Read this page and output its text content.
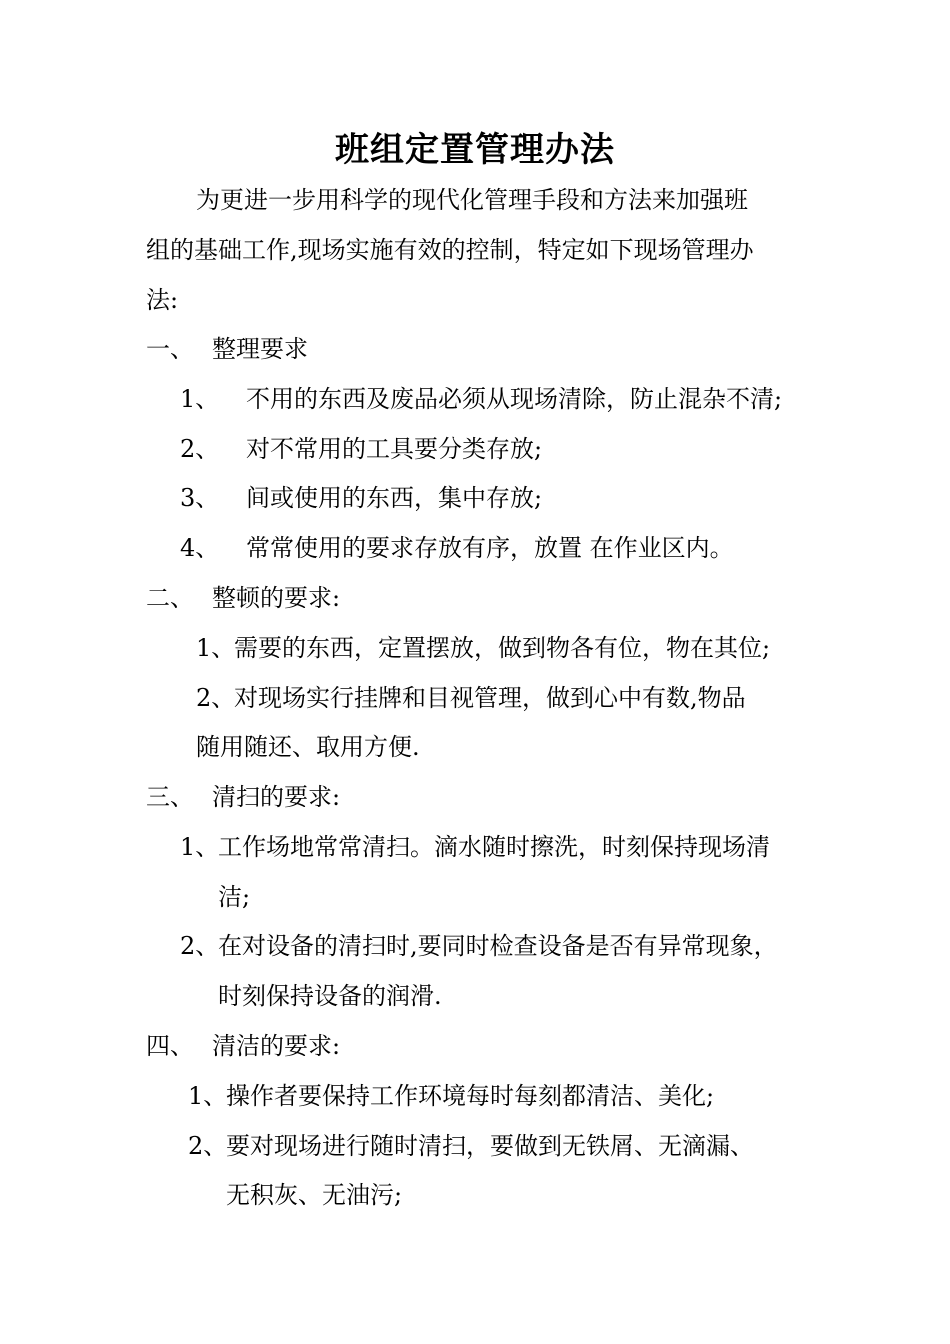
班组定置管理办法
为更进一步用科学的现代化管理手段和方法来加强班
组的基础工作,现场实施有效的控制，特定如下现场管理办
法:
一、 整理要求
1、 不用的东西及废品必须从现场清除，防止混杂不清;
2、 对不常用的工具要分类存放;
3、 间或使用的东西，集中存放;
4、 常常使用的要求存放有序，放置 在作业区内。
二、 整顿的要求:
1、
需要的东西，定置摆放，做到物各有位，物在其位;
2、
对现场实行挂牌和目视管理，做到心中有数,物品
随用随还、取用方便.
三、 清扫的要求:
1、
工作场地常常清扫。滴水随时擦洗，时刻保持现场清
洁;
2、
在对设备的清扫时,要同时检查设备是否有异常现象，
时刻保持设备的润滑.
四、 清洁的要求:
1、
操作者要保持工作环境每时每刻都清洁、美化;
2、
要对现场进行随时清扫，要做到无铁屑、无滴漏、
无积灰、无油污;
